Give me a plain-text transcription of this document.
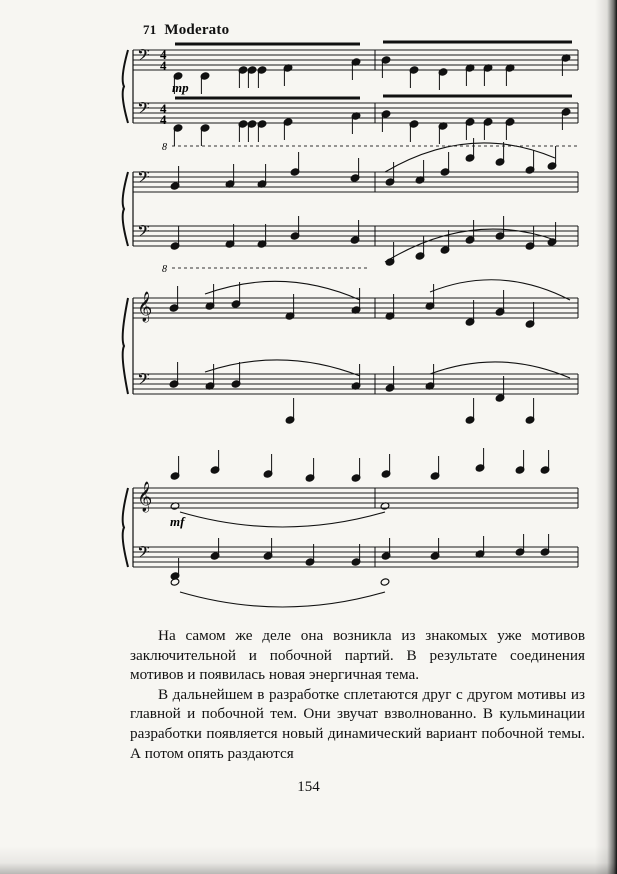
71 Moderato
𝄢
𝄢
𝄢
𝄢
𝄞
𝄢
𝄞
𝄢
mp
mf
8
8
4
4
4
4

На самом же деле она возникла из знакомых уже мотивов заключительной и побочной партий. В результате соединения мотивов и появилась новая энергичная тема.

В дальнейшем в разработке сплетаются друг с другом мотивы из главной и побочной тем. Они звучат взволнованно. В кульминации разработки появляется новый динамический вариант побочной темы. А потом опять раздаются

154
